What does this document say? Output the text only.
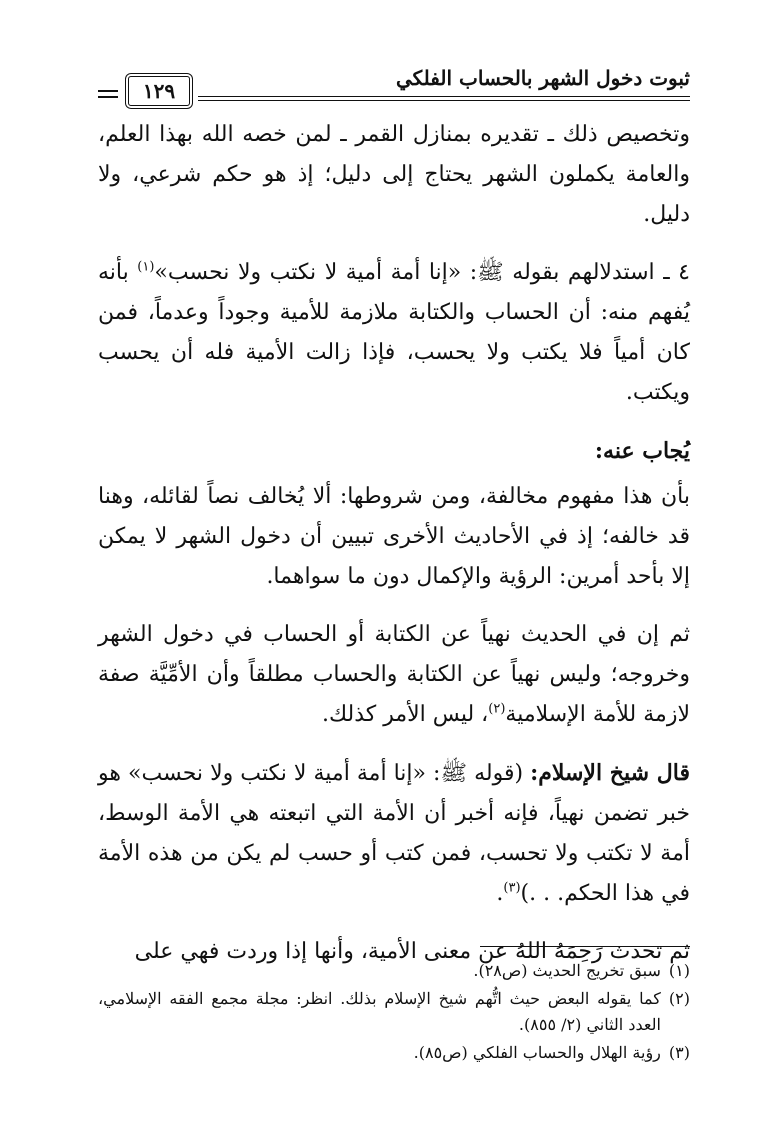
ثبوت دخول الشهر بالحساب الفلكي
١٢٩

وتخصيص ذلك ـ تقديره بمنازل القمر ـ لمن خصه الله بهذا العلم، والعامة يكملون الشهر يحتاج إلى دليل؛ إذ هو حكم شرعي، ولا دليل.

٤ ـ استدلالهم بقوله ﷺ: «إنا أمة أمية لا نكتب ولا نحسب»$^{(١)}$ بأنه يُفهم منه: أن الحساب والكتابة ملازمة للأمية وجوداً وعدماً، فمن كان أمياً فلا يكتب ولا يحسب، فإذا زالت الأمية فله أن يحسب ويكتب.

يُجاب عنه:

بأن هذا مفهوم مخالفة، ومن شروطها: ألا يُخالف نصاً لقائله، وهنا قد خالفه؛ إذ في الأحاديث الأخرى تبيين أن دخول الشهر لا يمكن إلا بأحد أمرين: الرؤية والإكمال دون ما سواهما.

ثم إن في الحديث نهياً عن الكتابة أو الحساب في دخول الشهر وخروجه؛ وليس نهياً عن الكتابة والحساب مطلقاً وأن الأمِّيَّة صفة لازمة للأمة الإسلامية$^{(٢)}$، ليس الأمر كذلك.

قال شيخ الإسلام: (قوله ﷺ: «إنا أمة أمية لا نكتب ولا نحسب» هو خبر تضمن نهياً، فإنه أخبر أن الأمة التي اتبعته هي الأمة الوسط، أمة لا تكتب ولا تحسب، فمن كتب أو حسب لم يكن من هذه الأمة في هذا الحكم. . .)$^{(٣)}$.

ثم تحدث رَحِمَهُ اللهُ عن معنى الأمية، وأنها إذا وردت فهي على

(١)
سبق تخريج الحديث (ص٢٨).
(٢)
كما يقوله البعض حيث اتُّهم شيخ الإسلام بذلك. انظر: مجلة مجمع الفقه الإسلامي، العدد الثاني (٢/ ٨٥٥).
(٣)
رؤية الهلال والحساب الفلكي (ص٨٥).
